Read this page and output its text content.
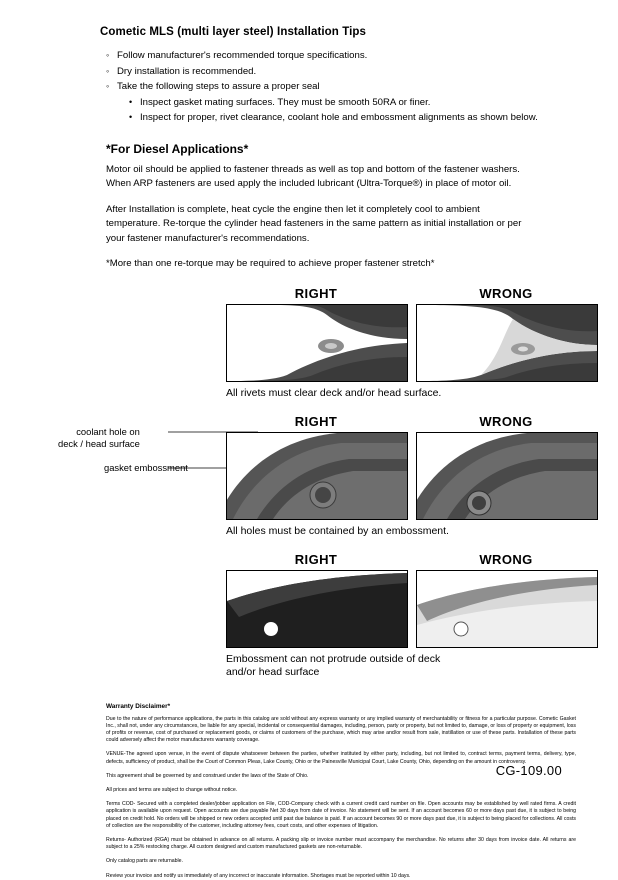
Cometic MLS (multi layer steel) Installation Tips
◦ Follow manufacturer's recommended torque specifications.
◦ Dry installation is recommended.
◦ Take the following steps to assure a proper seal
• Inspect gasket mating surfaces. They must be smooth 50RA or finer.
• Inspect for proper, rivet clearance, coolant hole and embossment alignments as shown below.
*For Diesel Applications*

Motor oil should be applied to fastener threads as well as top and bottom of the fastener washers. When ARP fasteners are used apply the included lubricant (Ultra-Torque®) in place of motor oil.

After Installation is complete, heat cycle the engine then let it completely cool to ambient temperature. Re-torque the cylinder head fasteners in the same pattern as initial installation or per your fastener manufacturer's recommendations.

*More than one re-torque may be required to achieve proper fastener stretch*

RIGHT	WRONG
All rivets must clear deck and/or head surface.
coolant hole on
deck / head surface
gasket embossment
RIGHT	WRONG
All holes must be contained by an embossment.
RIGHT	WRONG
Embossment can not protrude outside of deck
and/or head surface
Warranty Disclaimer*

Due to the nature of performance applications, the parts in this catalog are sold without any express warranty or any implied warranty of merchantability or fitness for a particular purpose. Cometic Gasket Inc., shall not, under any circumstances, be liable for any special, incidental or consequential damages, including, person, party or property, but not limited to, damage, or loss of property or equipment, loss of profits or revenue, cost of purchased or replacement goods, or claims of customers of the purchase, which may arise and/or result from sale, instillation or use of these parts. Installation of these parts could adversely affect the motor manufacturers warranty coverage.

VENUE-The agreed upon venue, in the event of dispute whatsoever between the parties, whether instituted by either party, including, but not limited to, contract terms, payment terms, delivery, type, defects, sufficiency of product, shall be the Court of Common Pleas, Lake County, Ohio or the Painesville Municipal Court, Lake County, Ohio, depending on the amount in controversy.

This agreement shall be governed by and construed under the laws of the State of Ohio.

All prices and terms are subject to change without notice.

Terms COD- Secured with a completed dealer/jobber application on File, COD-Company check with a current credit card number on file. Open accounts may be established by well rated firms. A credit application is available upon request. Open accounts are due payable Net 30 days from date of invoice. No statement will be sent. If an account becomes 60 or more days past due, it is subject to being placed on credit hold. No orders will be shipped or new orders accepted until past due balance is paid. If an account becomes 90 or more days past due, it is subject to being placed for collections. All costs of collection are the responsibility of the customer, including attorney fees, court costs, and other expenses of litigation.

Returns- Authorized (RGA) must be obtained in advance on all returns. A packing slip or invoice number must accompany the merchandise. No returns after 30 days from invoice date. All returns are subject to a 25% restocking charge. All custom designed and custom manufactured gaskets are non-returnable.

Only catalog parts are returnable.

Review your invoice and notify us immediately of any incorrect or inaccurate information. Shortages must be reported within 10 days.

CG-109.00
